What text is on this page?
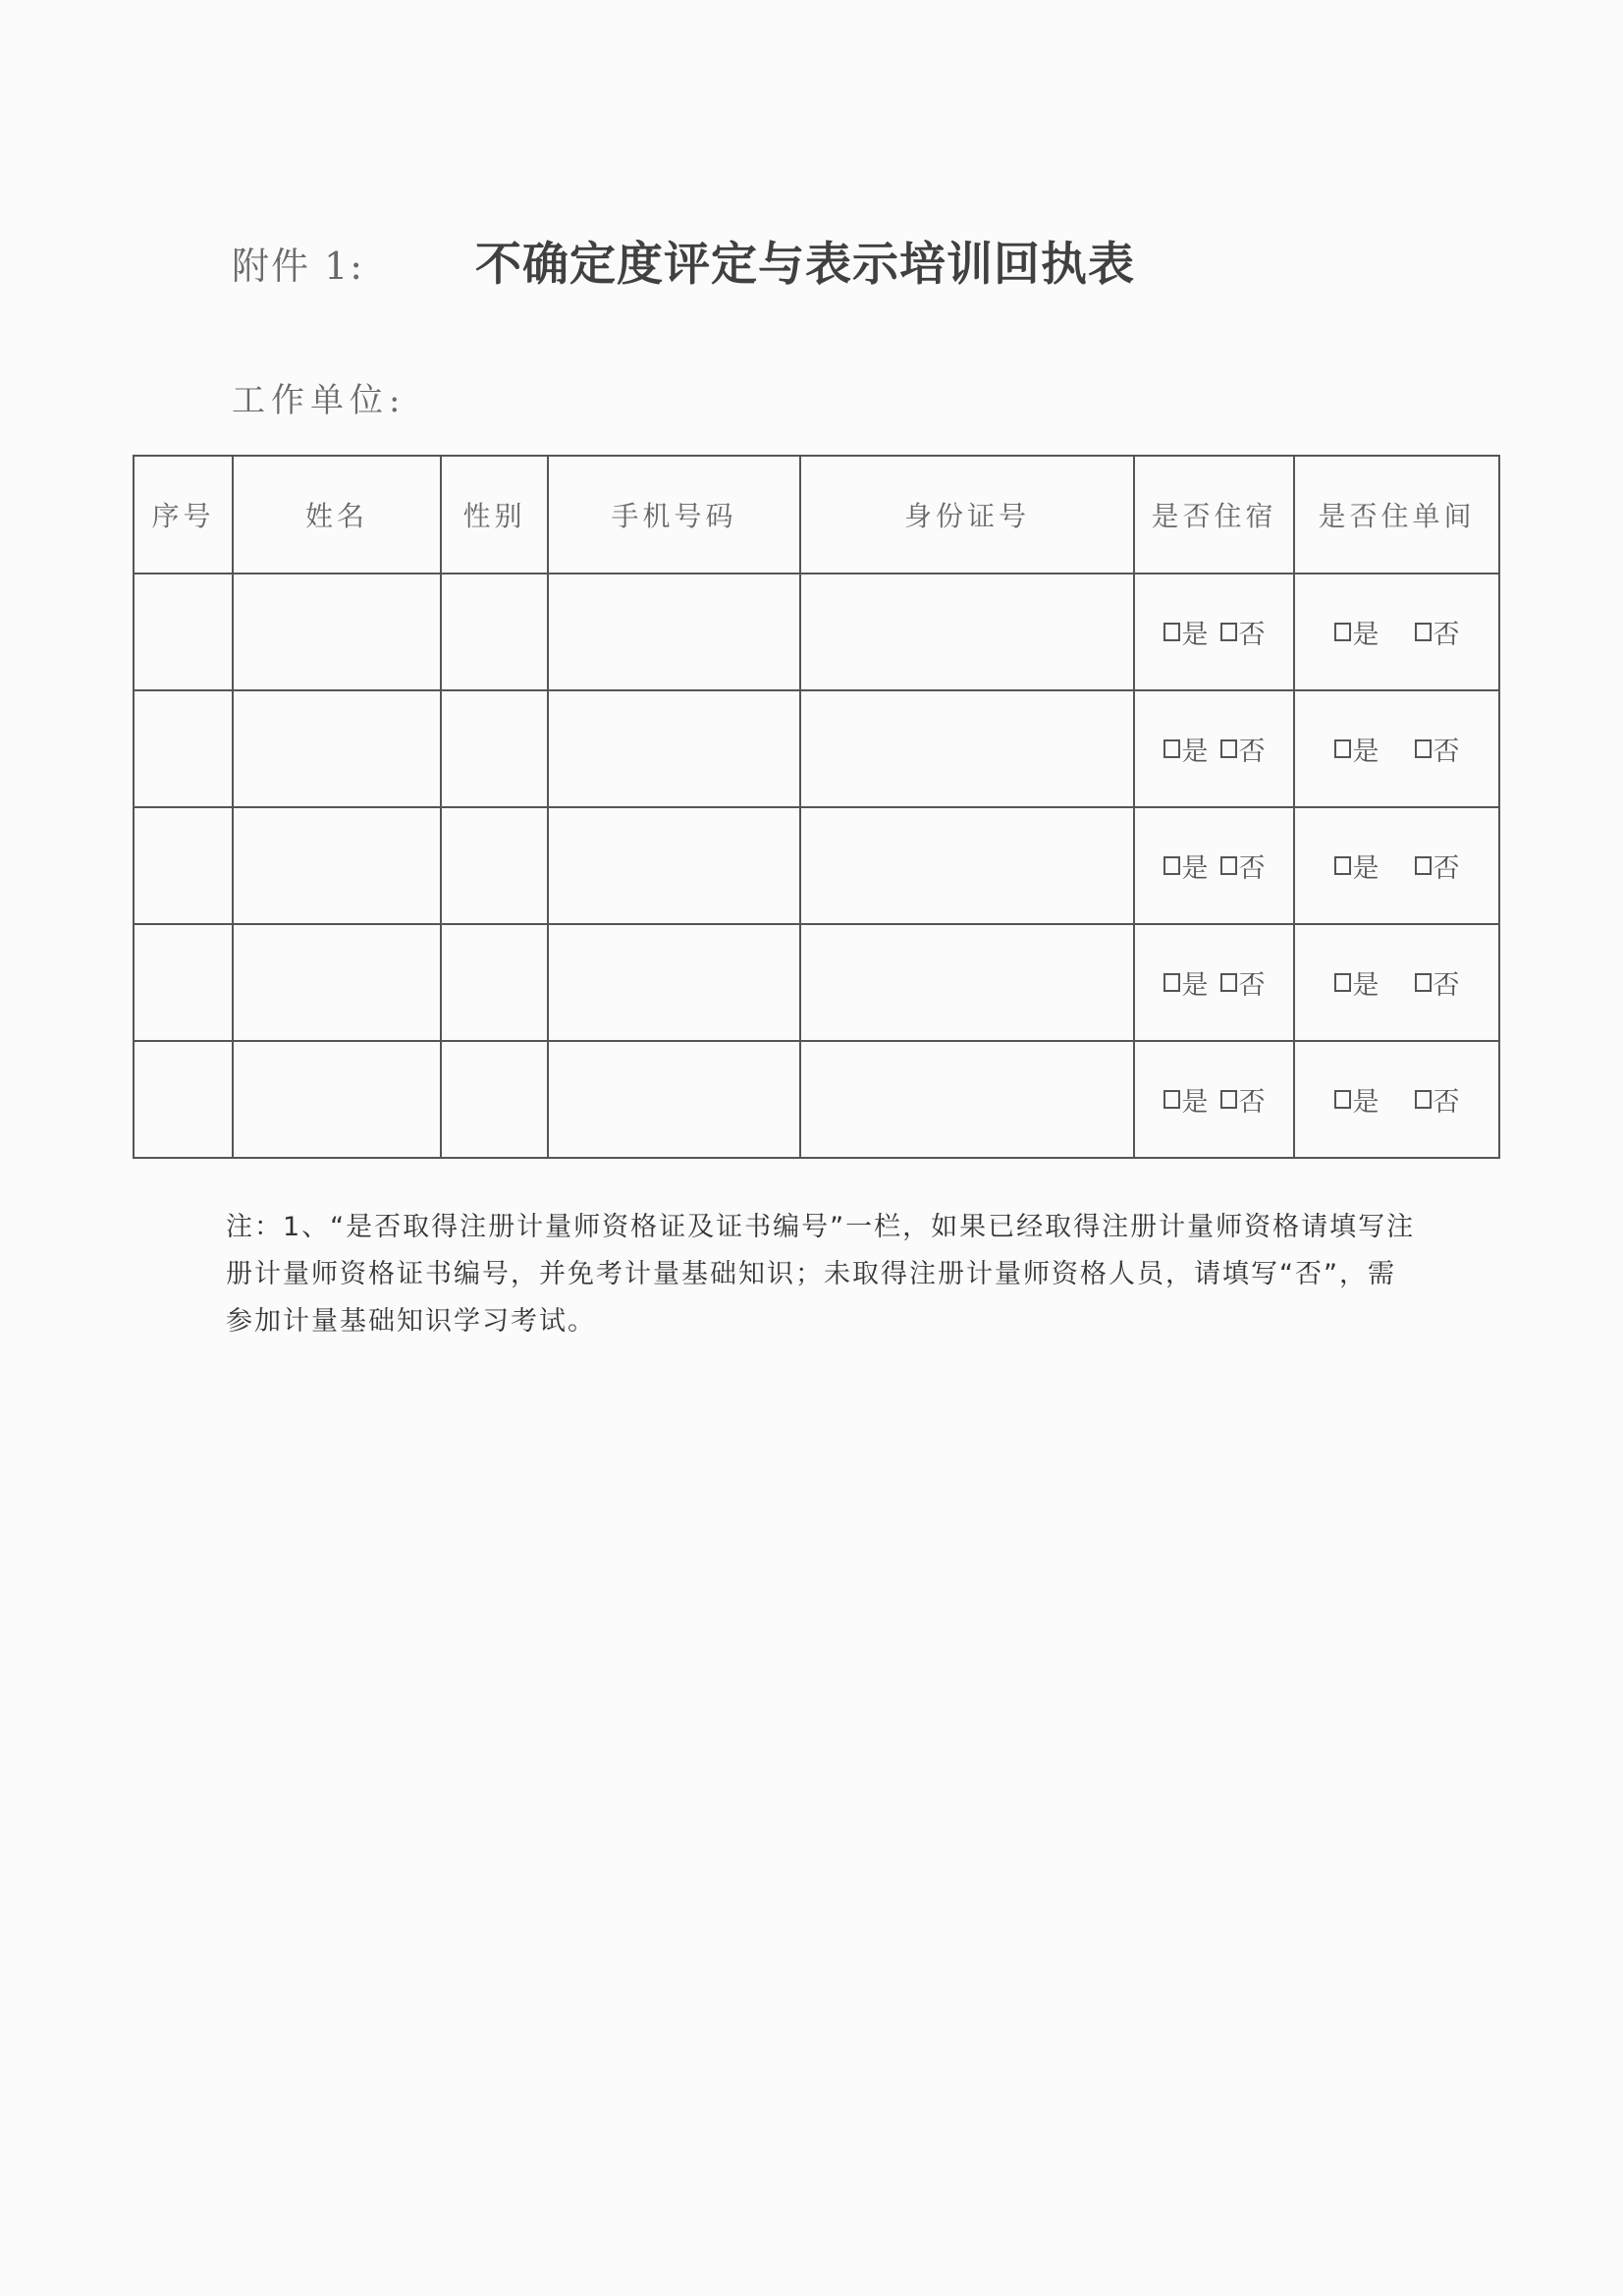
附件 1: 不确定度评定与表示培训回执表
工作单位:
序号	姓名	性别	手机号码	身份证号	是否住宿	是否住单间

					是 否	是 否

					是 否	是 否

					是 否	是 否

					是 否	是 否

					是 否	是 否
注：1、“是否取得注册计量师资格证及证书编号”一栏，如果已经取得注册计量师资格请填写注
册计量师资格证书编号，并免考计量基础知识；未取得注册计量师资格人员，请填写“否”，需
参加计量基础知识学习考试。
